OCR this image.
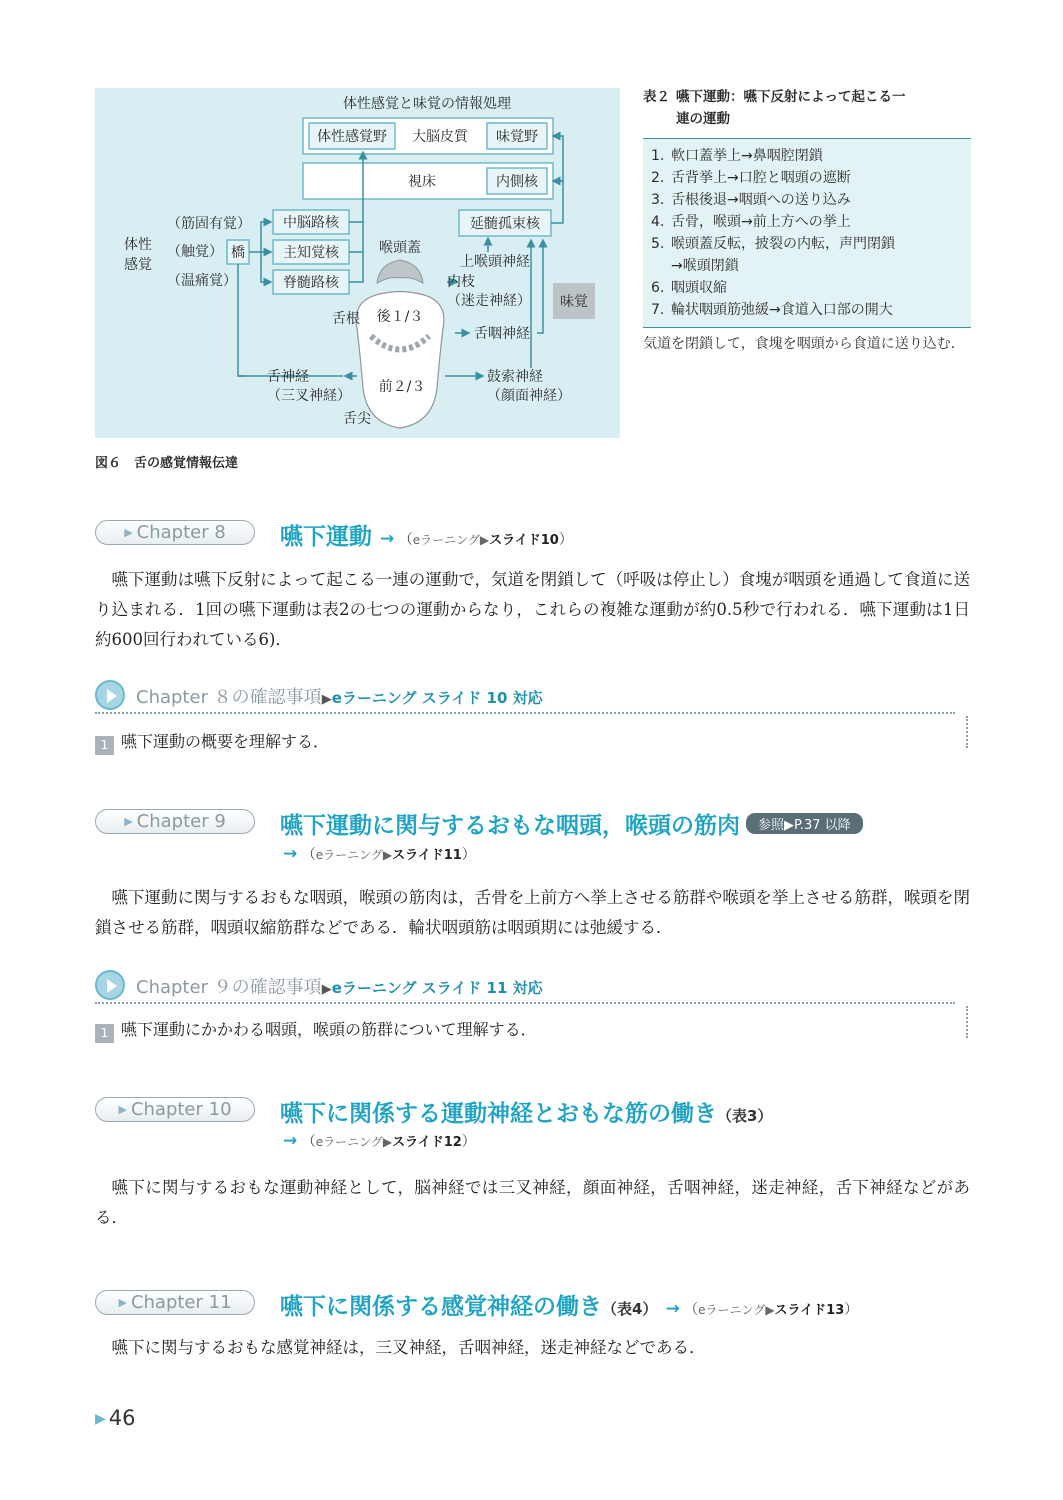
体性感覚と味覚の情報処理
体性感覚野 大脳皮質 味覚野
視床	内側核
延髄孤束核
中脳路核
主知覚核
脊髄路核
橋
体性
感覚
（筋固有覚）
（触覚）
（温痛覚）
喉頭蓋
舌根 後１/３
前２/３
舌尖
上喉頭神経
内枝
（迷走神経） 味覚
舌咽神経
鼓索神経
（顔面神経）
舌神経
（三叉神経）
図６　舌の感覚情報伝達
表２ 嚥下運動：嚥下反射によって起こる一
連の運動
1. 軟口蓋挙上→鼻咽腔閉鎖
2. 舌背挙上→口腔と咽頭の遮断
3. 舌根後退→咽頭への送り込み
4. 舌骨，喉頭→前上方への挙上
5. 喉頭蓋反転，披裂の内転，声門閉鎖
→喉頭閉鎖
6. 咽頭収縮
7. 輪状咽頭筋弛緩→食道入口部の開大
気道を閉鎖して，食塊を咽頭から食道に送り込む．
▶ Chapter 8 嚥下運動 → （eラーニング▶スライド10）
嚥下運動は嚥下反射によって起こる一連の運動で，気道を閉鎖して（呼吸は停止し）食塊が咽頭を通過して食道に送り込まれる．1回の嚥下運動は表2の七つの運動からなり，これらの複雑な運動が約0.5秒で行われる．嚥下運動は1日約600回行われている6)．
Chapter ８の確認事項▶eラーニング スライド 10 対応
1 嚥下運動の概要を理解する．
▶ Chapter 9 嚥下運動に関与するおもな咽頭，喉頭の筋肉 参照▶P.37 以降
→ （eラーニング▶スライド11）
嚥下運動に関与するおもな咽頭，喉頭の筋肉は，舌骨を上前方へ挙上させる筋群や喉頭を挙上させる筋群，喉頭を閉鎖させる筋群，咽頭収縮筋群などである．輪状咽頭筋は咽頭期には弛緩する．
Chapter ９の確認事項▶eラーニング スライド 11 対応
1 嚥下運動にかかわる咽頭，喉頭の筋群について理解する．
▶ Chapter 10 嚥下に関係する運動神経とおもな筋の働き（表3）
→ （eラーニング▶スライド12）
嚥下に関与するおもな運動神経として，脳神経では三叉神経，顔面神経，舌咽神経，迷走神経，舌下神経などがある．
▶ Chapter 11 嚥下に関係する感覚神経の働き（表4） → （eラーニング▶スライド13）
嚥下に関与するおもな感覚神経は，三叉神経，舌咽神経，迷走神経などである．
▶ 46
